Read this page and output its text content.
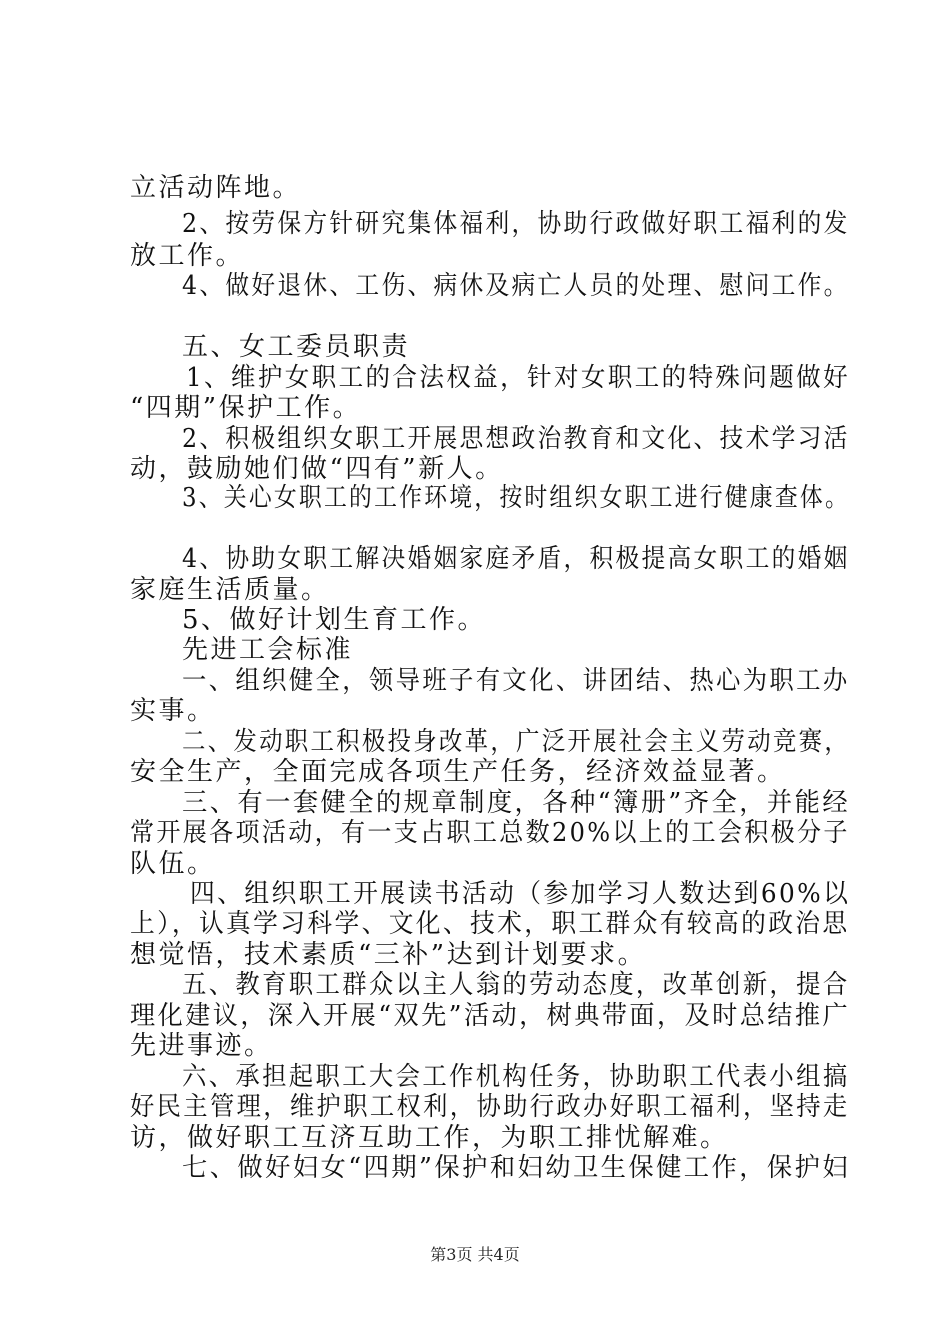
立活动阵地。
2、按劳保方针研究集体福利，协助行政做好职工福利的发
放工作。
4、做好退休、工伤、病休及病亡人员的处理、慰问工作。
五、女工委员职责
1、维护女职工的合法权益，针对女职工的特殊问题做好
“四期”保护工作。
2、积极组织女职工开展思想政治教育和文化、技术学习活
动，鼓励她们做“四有”新人。
3、关心女职工的工作环境，按时组织女职工进行健康查体。
4、协助女职工解决婚姻家庭矛盾，积极提高女职工的婚姻
家庭生活质量。
5、做好计划生育工作。
先进工会标准
一、组织健全，领导班子有文化、讲团结、热心为职工办
实事。
二、发动职工积极投身改革，广泛开展社会主义劳动竞赛，
安全生产，全面完成各项生产任务，经济效益显著。
三、有一套健全的规章制度，各种“簿册”齐全，并能经
常开展各项活动，有一支占职工总数20%以上的工会积极分子
队伍。
四、组织职工开展读书活动（参加学习人数达到60%以
上），认真学习科学、文化、技术，职工群众有较高的政治思
想觉悟，技术素质“三补”达到计划要求。
五、教育职工群众以主人翁的劳动态度，改革创新，提合
理化建议，深入开展“双先”活动，树典带面，及时总结推广
先进事迹。
六、承担起职工大会工作机构任务，协助职工代表小组搞
好民主管理，维护职工权利，协助行政办好职工福利，坚持走
访，做好职工互济互助工作，为职工排忧解难。
七、做好妇女“四期”保护和妇幼卫生保健工作，保护妇
第3页 共4页
